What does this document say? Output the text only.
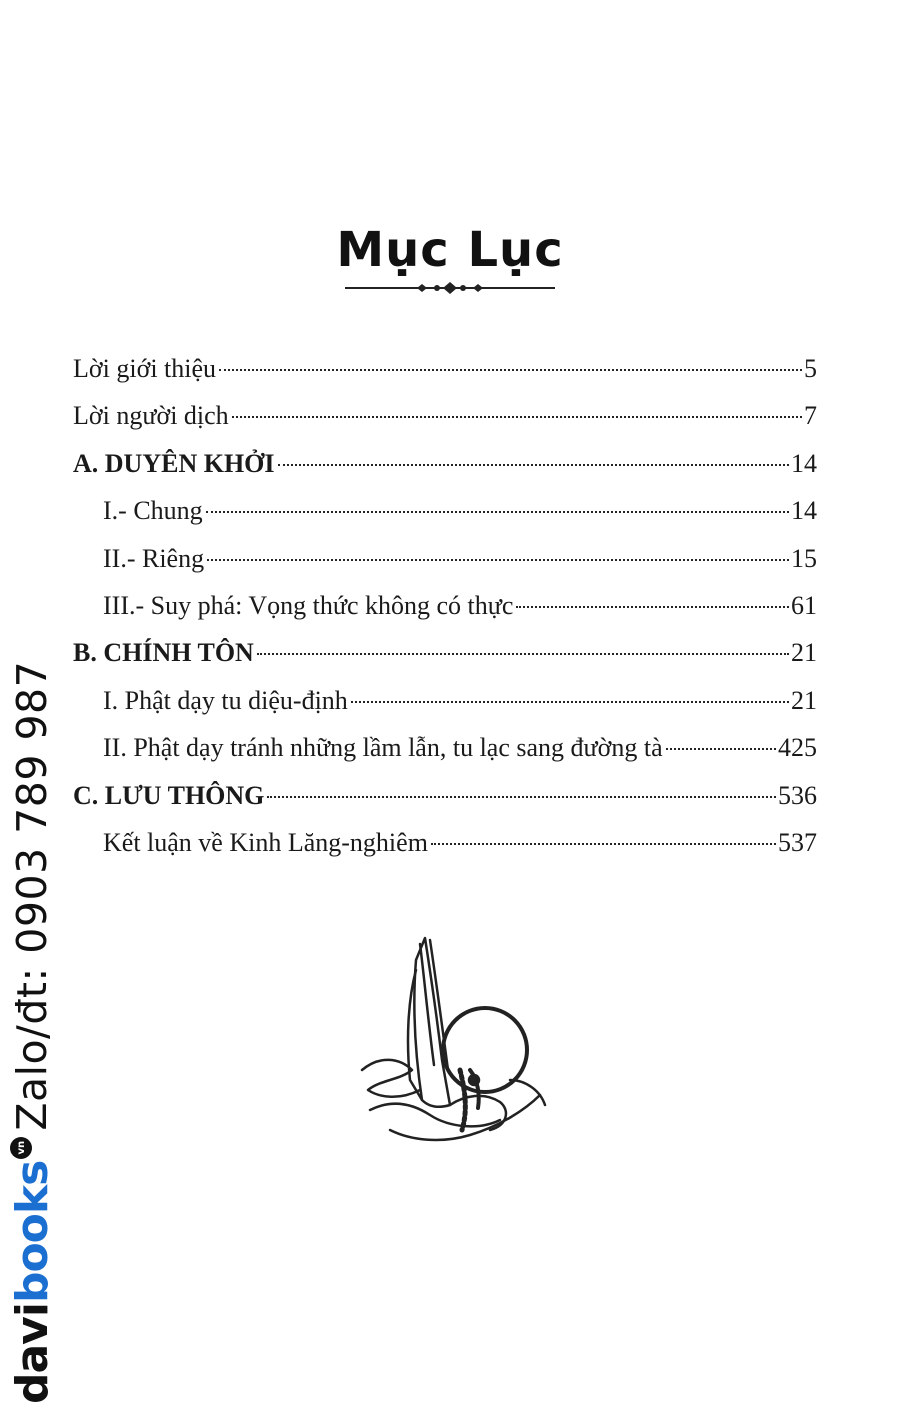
Mục Lục
Lời giới thiệu	5
Lời người dịch	7
A. DUYÊN KHỞI	14
I.- Chung	14
II.- Riêng	15
III.- Suy phá: Vọng thức không có thực	61
B. CHÍNH TÔN	21
I. Phật dạy tu diệu-định	21
II. Phật dạy tránh những lầm lẫn, tu lạc sang đường tà	425
C. LƯU THÔNG	536
Kết luận về Kinh Lăng-nghiêm	537
davibooks
vn
Zalo/đt: 0903 789 987
